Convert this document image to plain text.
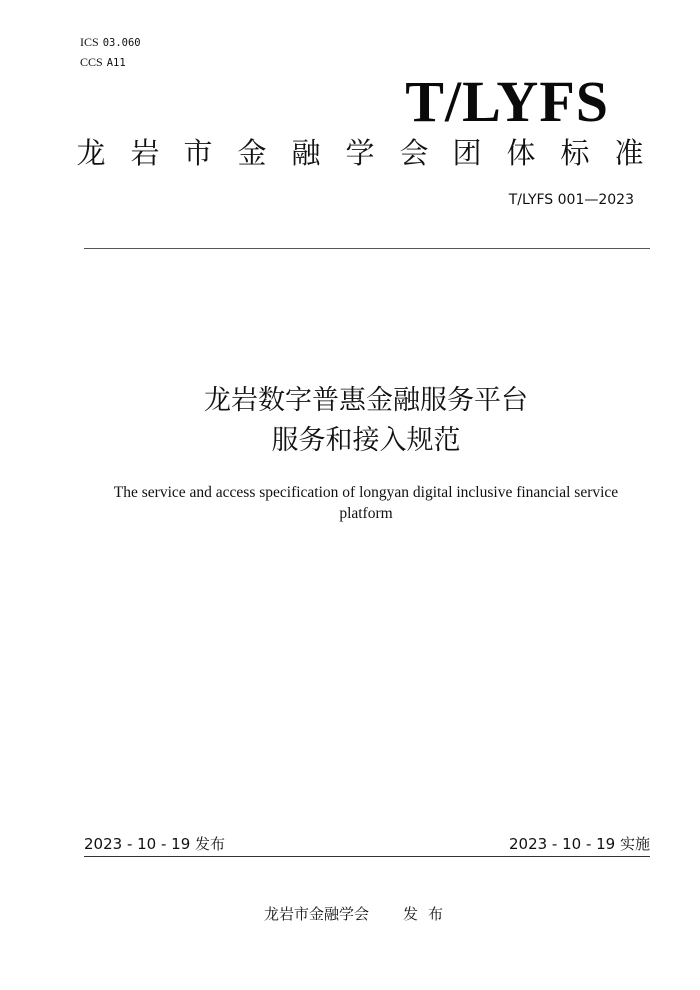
ICS 03.060
CCS A11
T/LYFS
龙 岩 市 金 融 学 会 团 体 标 准
T/LYFS 001—2023
龙岩数字普惠金融服务平台
服务和接入规范
The service and access specification of longyan digital inclusive financial service platform
2023 - 10 - 19 发布	2023 - 10 - 19 实施
龙岩市金融学会 发布
